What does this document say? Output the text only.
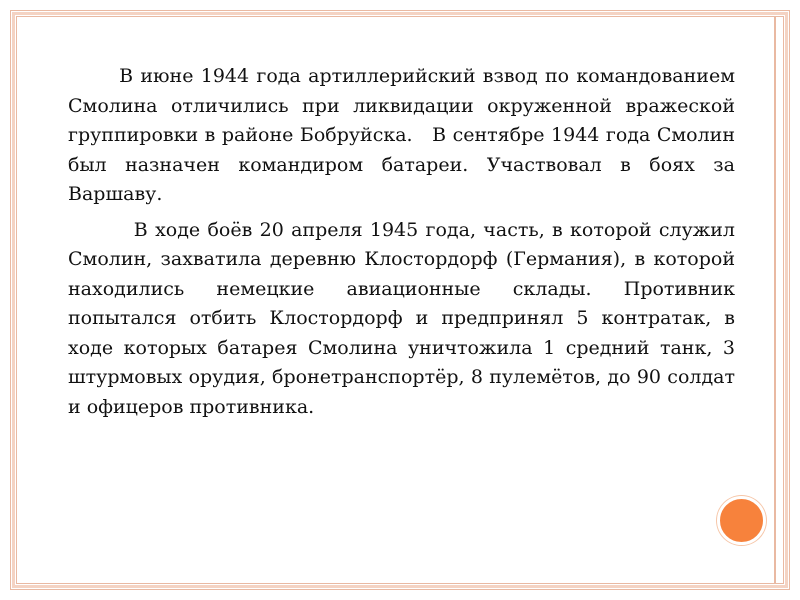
В июне 1944 года артиллерийский взвод по командованием Смолина отличились при ликвидации окруженной вражеской группировки в районе Бобруйска.   В сентябре 1944 года Смолин был назначен командиром батареи. Участвовал в боях за Варшаву.

В ходе боёв 20 апреля 1945 года, часть, в которой служил Смолин, захватила деревню Клостордорф (Германия), в которой находились немецкие авиационные склады. Противник попытался отбить Клостордорф и предпринял 5 контратак, в ходе которых батарея Смолина уничтожила 1 средний танк, 3 штурмовых орудия, бронетранспортёр, 8 пулемётов, до 90 солдат и офицеров противника.
